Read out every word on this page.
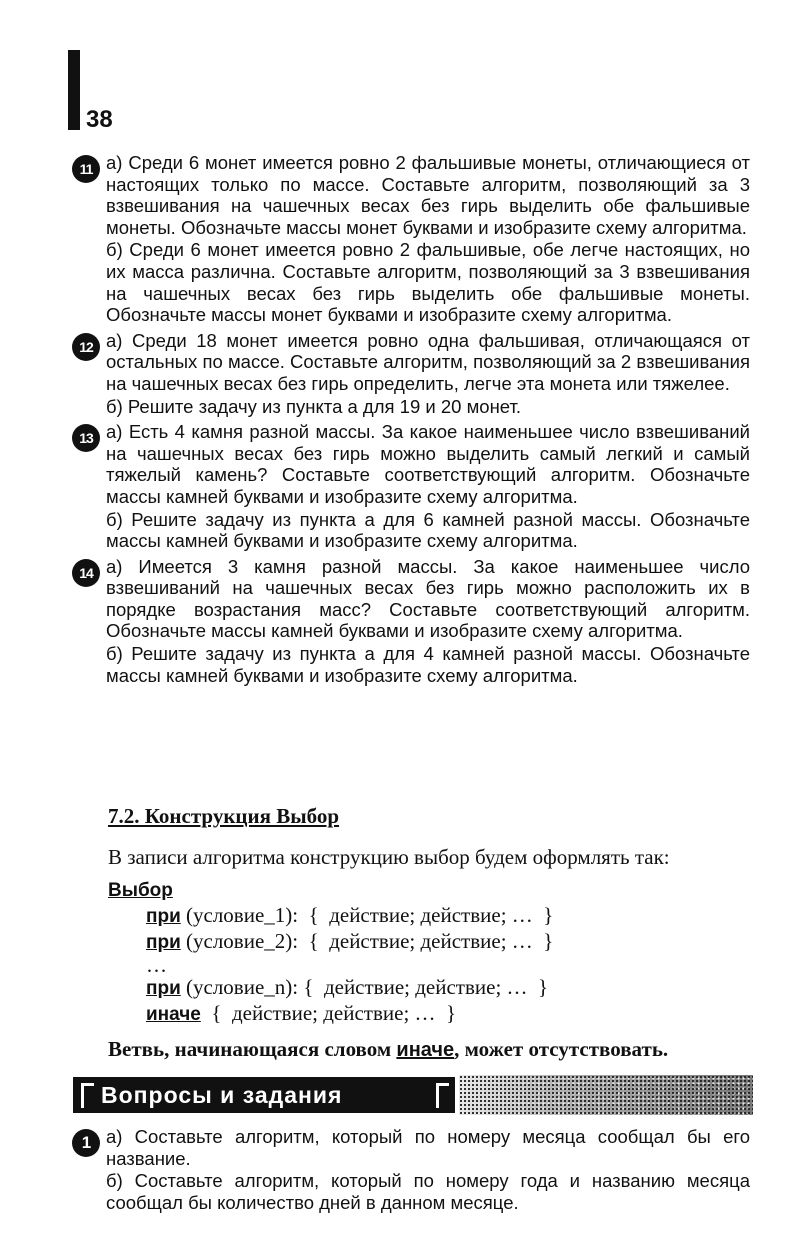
38
11 а) Среди 6 монет имеется ровно 2 фальшивые монеты, отличающиеся от настоящих только по массе. Составьте алгоритм, позволяющий за 3 взвешивания на чашечных весах без гирь выделить обе фальшивые монеты. Обозначьте массы монет буквами и изобразите схему алгоритма.

б) Среди 6 монет имеется ровно 2 фальшивые, обе легче настоящих, но их масса различна. Составьте алгоритм, позволяющий за 3 взвешивания на чашечных весах без гирь выделить обе фальшивые монеты. Обозначьте массы монет буквами и изобразите схему алгоритма.

12 а) Среди 18 монет имеется ровно одна фальшивая, отличающаяся от остальных по массе. Составьте алгоритм, позволяющий за 2 взвешивания на чашечных весах без гирь определить, легче эта монета или тяжелее.

б) Решите задачу из пункта а для 19 и 20 монет.

13 а) Есть 4 камня разной массы. За какое наименьшее число взвешиваний на чашечных весах без гирь можно выделить самый легкий и самый тяжелый камень? Составьте соответствующий алгоритм. Обозначьте массы камней буквами и изобразите схему алгоритма.

б) Решите задачу из пункта а для 6 камней разной массы. Обозначьте массы камней буквами и изобразите схему алгоритма.

14 а) Имеется 3 камня разной массы. За какое наименьшее число взвешиваний на чашечных весах без гирь можно расположить их в порядке возрастания масс? Составьте соответствующий алгоритм. Обозначьте массы камней буквами и изобразите схему алгоритма.

б) Решите задачу из пункта а для 4 камней разной массы. Обозначьте массы камней буквами и изобразите схему алгоритма.

7.2. Конструкция Выбор

В записи алгоритма конструкцию выбор будем оформлять так:

Выбор

при (условие_1):  {  действие; действие; …  }

при (условие_2):  {  действие; действие; …  }

…

при (условие_n): {  действие; действие; …  }

иначе  {  действие; действие; …  }

Ветвь, начинающаяся словом иначе, может отсутствовать.

Вопросы и задания
1 а) Составьте алгоритм, который по номеру месяца сообщал бы его название.

б) Составьте алгоритм, который по номеру года и названию месяца сообщал бы количество дней в данном месяце.
